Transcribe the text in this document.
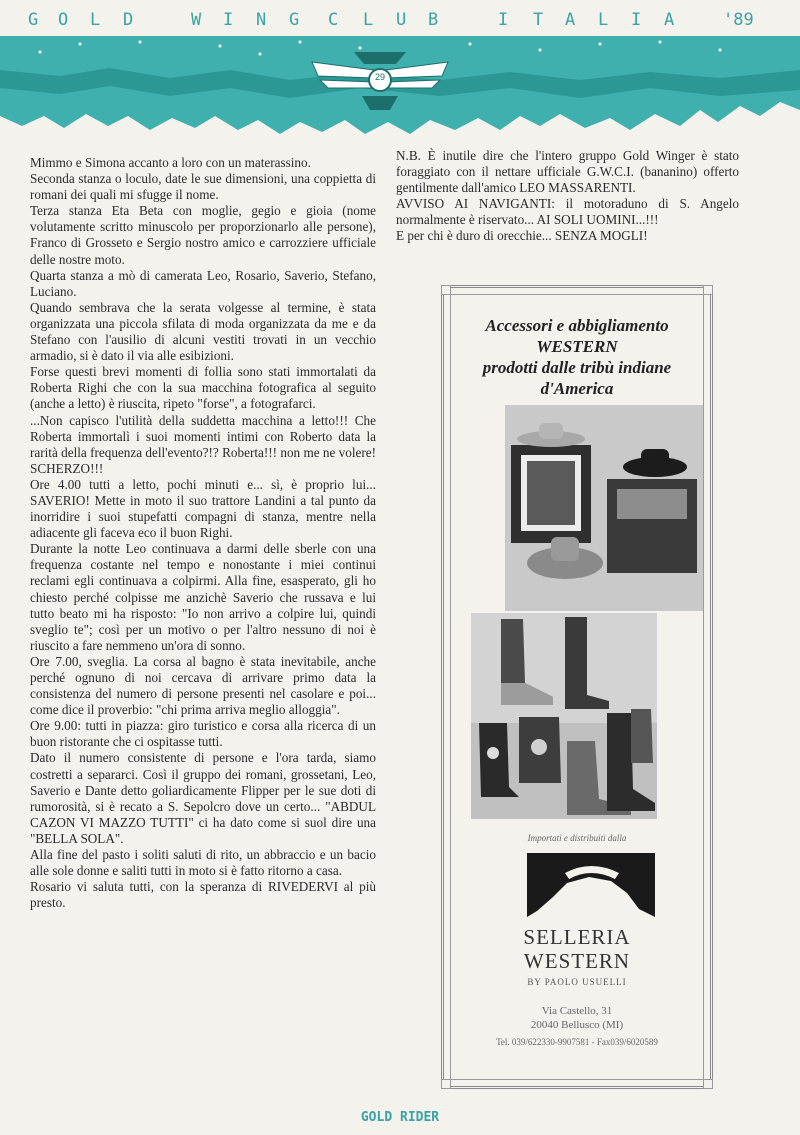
G O L D	W I N G C L U B	I T A L I A	'89
29

Mimmo e Simona accanto a loro con un materassino.

Seconda stanza o loculo, date le sue dimensioni, una coppietta di romani dei quali mi sfugge il nome.

Terza stanza Eta Beta con moglie, gegio e gioia (nome volutamente scritto minuscolo per proporzionarlo alle persone), Franco di Grosseto e Sergio nostro amico e carrozziere ufficiale delle nostre moto.

Quarta stanza a mò di camerata Leo, Rosario, Saverio, Stefano, Luciano.

Quando sembrava che la serata volgesse al termine, è stata organizzata una piccola sfilata di moda organizzata da me e da Stefano con l'ausilio di alcuni vestiti trovati in un vecchio armadio, si è dato il via alle esibizioni.

Forse questi brevi momenti di follia sono stati immortalati da Roberta Righi che con la sua macchina fotografica al seguito (anche a letto) è riuscita, ripeto "forse", a fotografarci.

...Non capisco l'utilità della suddetta macchina a letto!!! Che Roberta immortalì i suoi momenti intimi con Roberto data la rarità della frequenza dell'evento?!? Roberta!!! non me ne volere! SCHERZO!!!

Ore 4.00 tutti a letto, pochi minuti e... sì, è proprio lui... SAVERIO! Mette in moto il suo trattore Landini a tal punto da inorridire i suoi stupefatti compagni di stanza, mentre nella adiacente gli faceva eco il buon Righi.

Durante la notte Leo continuava a darmi delle sberle con una frequenza costante nel tempo e nonostante i miei continui reclami egli continuava a colpirmi. Alla fine, esasperato, gli ho chiesto perché colpisse me anzichè Saverio che russava e lui tutto beato mi ha risposto: "Io non arrivo a colpire lui, quindi sveglio te"; così per un motivo o per l'altro nessuno di noi è riuscito a fare nemmeno un'ora di sonno.

Ore 7.00, sveglia. La corsa al bagno è stata inevitabile, anche perché ognuno di noi cercava di arrivare primo data la consistenza del numero di persone presenti nel casolare e poi... come dice il proverbio: "chi prima arriva meglio alloggia".

Ore 9.00: tutti in piazza: giro turistico e corsa alla ricerca di un buon ristorante che ci ospitasse tutti.

Dato il numero consistente di persone e l'ora tarda, siamo costretti a separarci. Così il gruppo dei romani, grossetani, Leo, Saverio e Dante detto goliardicamente Flipper per le sue doti di rumorosità, si è recato a S. Sepolcro dove un certo... "ABDUL CAZON VI MAZZO TUTTI" ci ha dato come si suol dire una "BELLA SOLA".

Alla fine del pasto i soliti saluti di rito, un abbraccio e un bacio alle sole donne e saliti tutti in moto si è fatto ritorno a casa.

Rosario vi saluta tutti, con la speranza di RIVEDERVI al più presto.

N.B. È inutile dire che l'intero gruppo Gold Winger è stato foraggiato con il nettare ufficiale G.W.C.I. (bananino) offerto gentilmente dall'amico LEO MASSARENTI.

AVVISO AI NAVIGANTI: il motoraduno di S. Angelo normalmente è riservato... AI SOLI UOMINI...!!!

E per chi è duro di orecchie... SENZA MOGLI!

Accessori e abbigliamento
WESTERN
prodotti dalle tribù indiane
d'America
Importati e distribuiti dalla
SELLERIA
WESTERN
BY PAOLO USUELLI
Via Castello, 31
20040 Bellusco (MI)
Tel. 039/622330-9907581 - Fax039/6020589
GOLD RIDER
